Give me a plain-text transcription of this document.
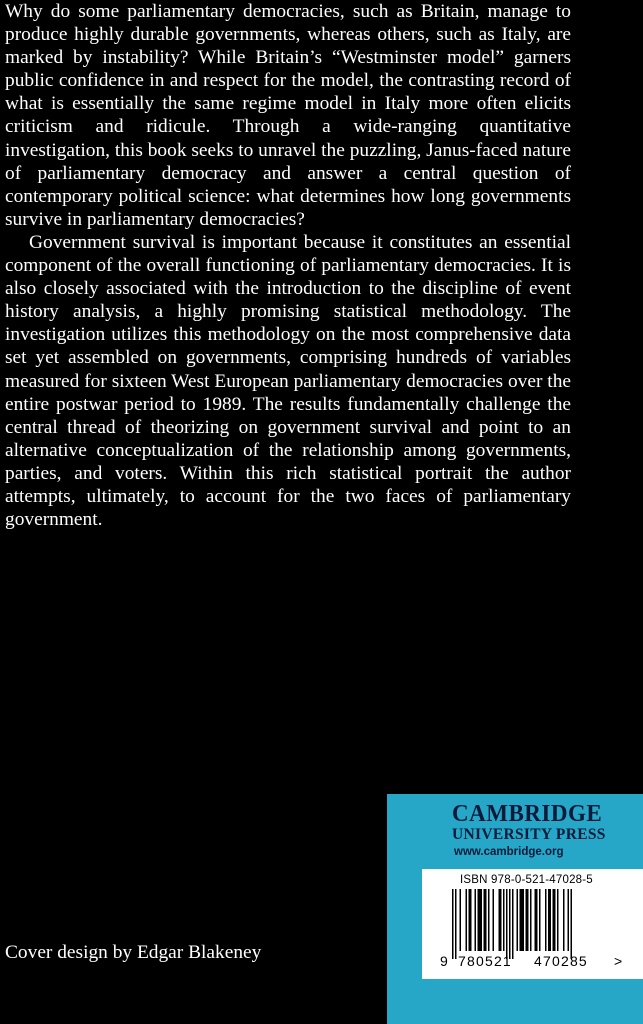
Why do some parliamentary democracies, such as Britain, manage to produce highly durable governments, whereas others, such as Italy, are marked by instability? While Britain’s “Westminster model” garners public confidence in and respect for the model, the contrasting record of what is essentially the same regime model in Italy more often elicits criticism and ridicule. Through a wide-ranging quantitative investigation, this book seeks to unravel the puzzling, Janus-faced nature of parliamentary democracy and answer a central question of contemporary political science: what determines how long governments survive in parliamentary democracies?

Government survival is important because it constitutes an essential component of the overall functioning of parliamentary democracies. It is also closely associated with the introduction to the discipline of event history analysis, a highly promising statistical methodology. The investigation utilizes this methodology on the most comprehensive data set yet assembled on governments, comprising hundreds of variables measured for sixteen West European parliamentary democracies over the entire postwar period to 1989. The results fundamentally challenge the central thread of theorizing on government survival and point to an alternative conceptualization of the relationship among governments, parties, and voters. Within this rich statistical portrait the author attempts, ultimately, to account for the two faces of parliamentary government.

Cover design by Edgar Blakeney
CAMBRIDGE
UNIVERSITY PRESS
www.cambridge.org
ISBN 978-0-521-47028-5
9 780521 470285 >
